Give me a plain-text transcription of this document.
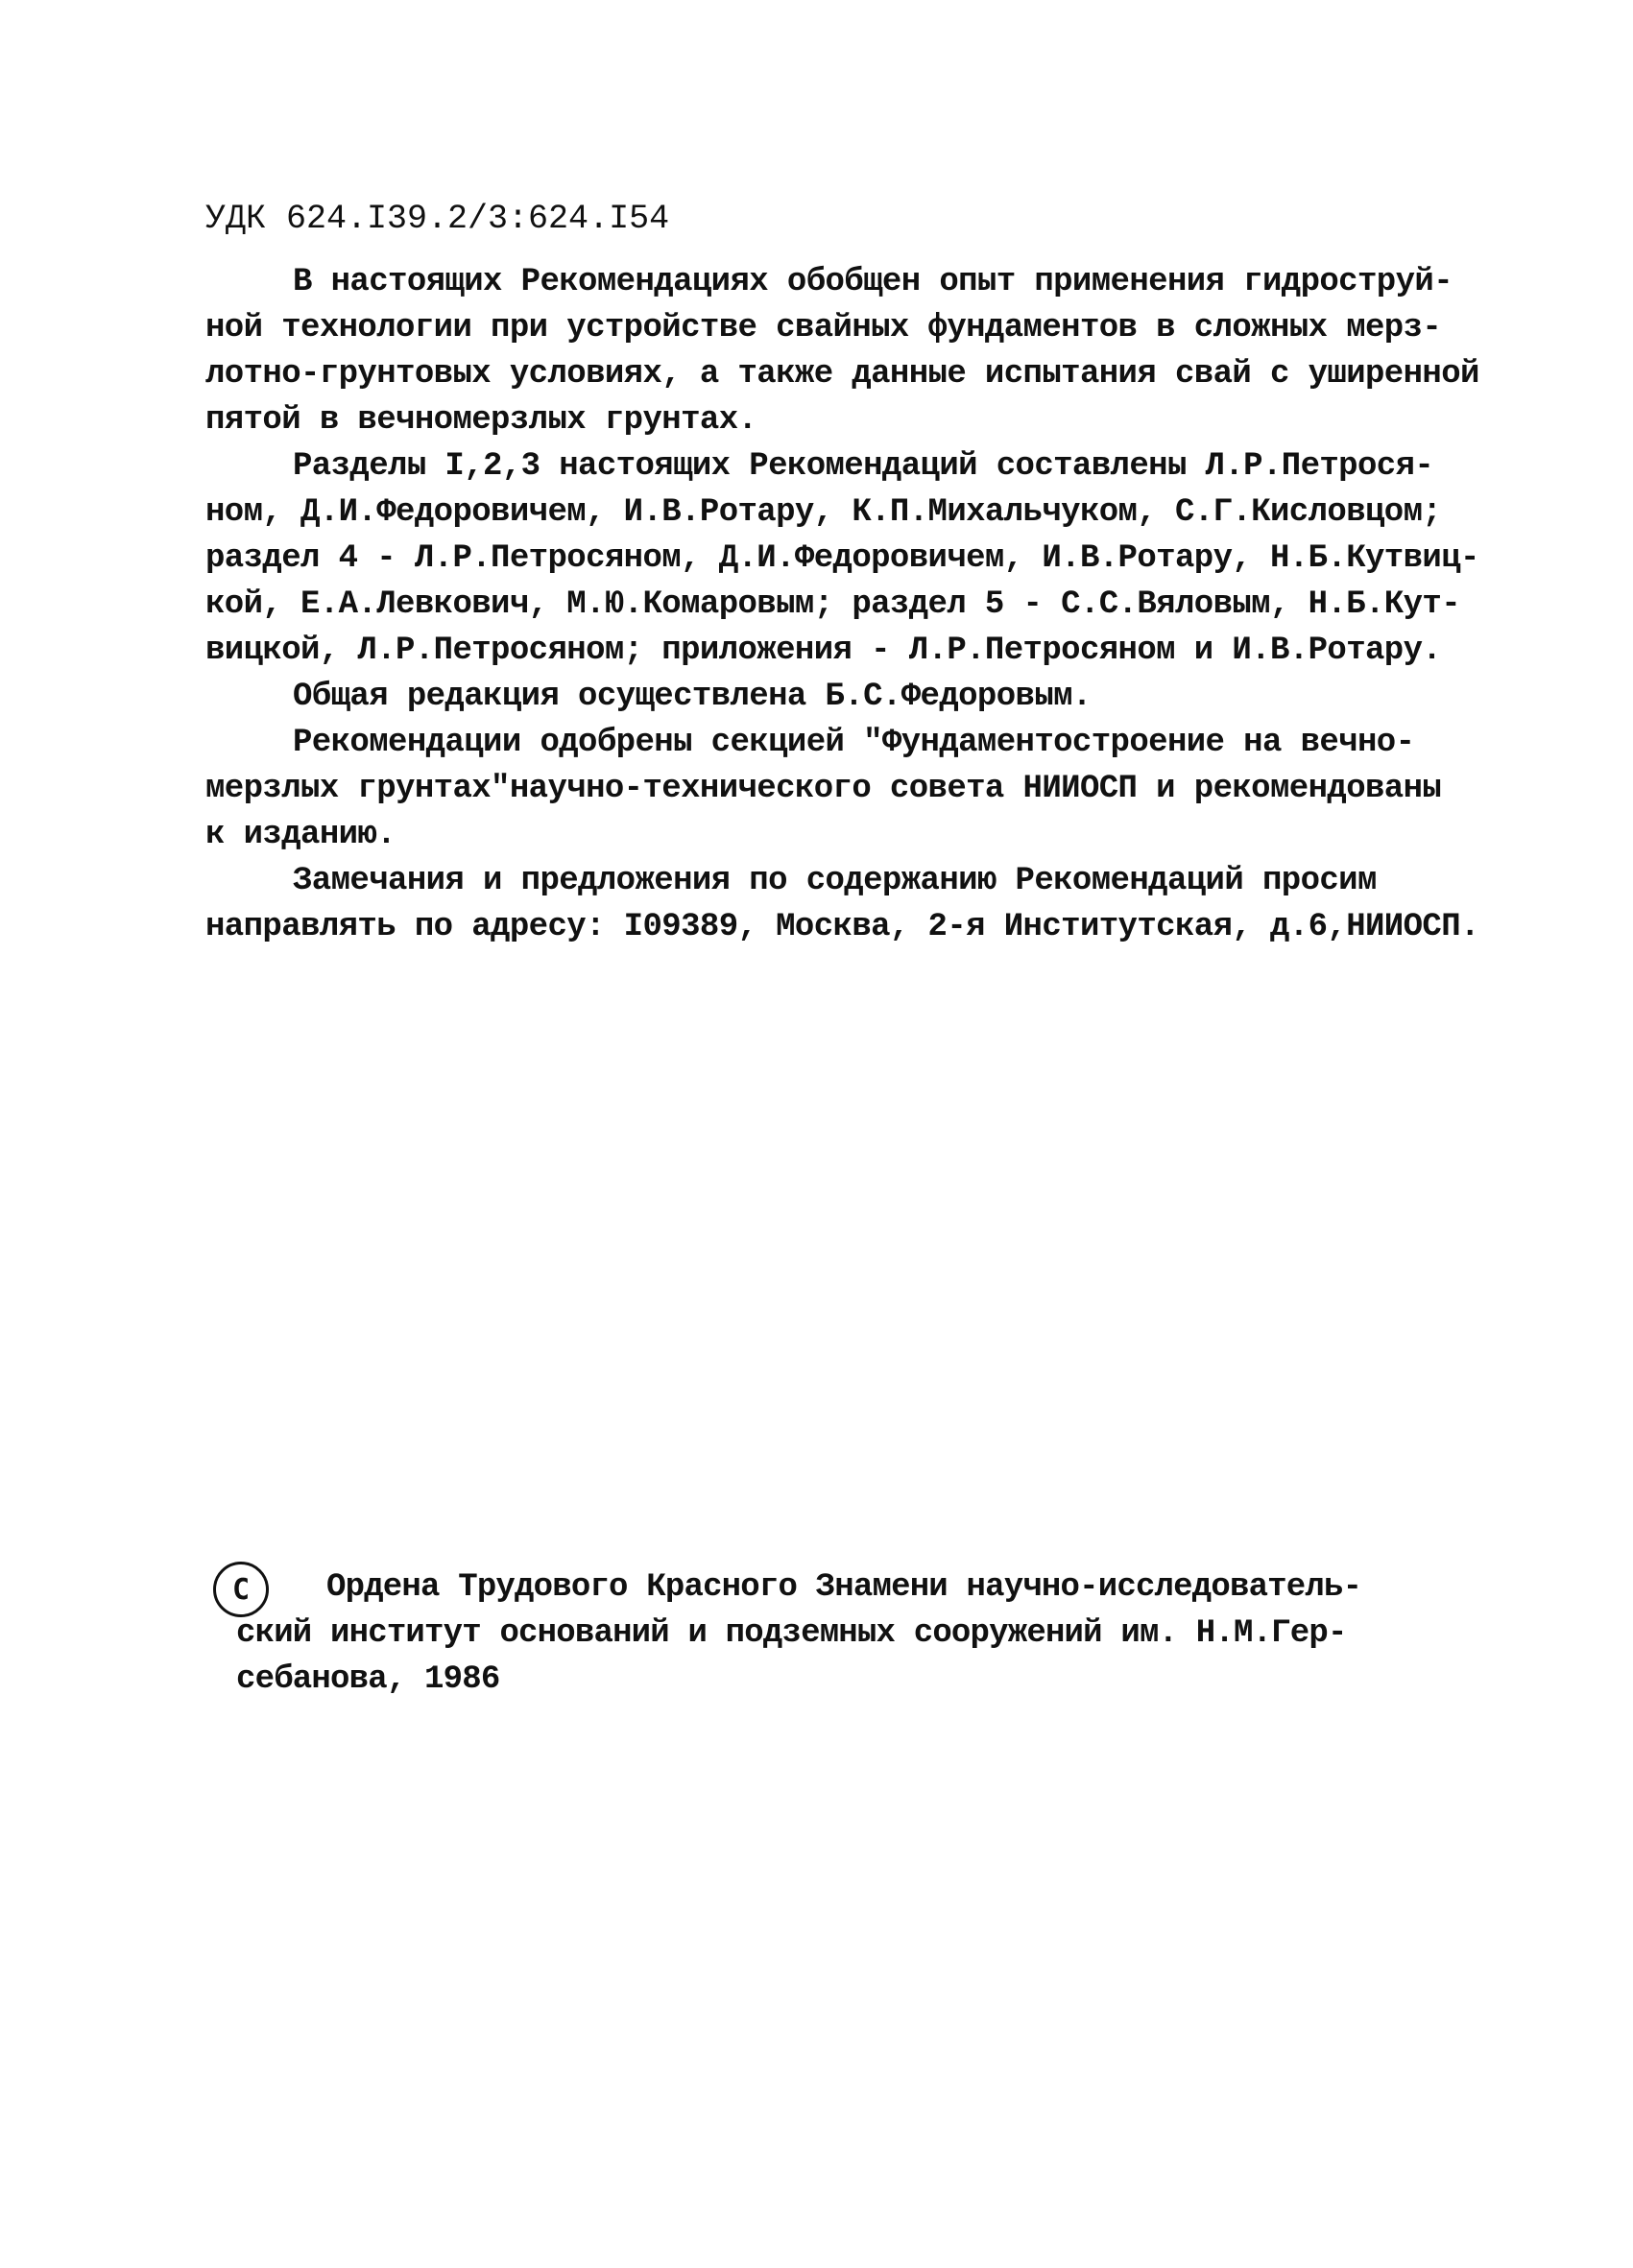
УДК 624.I39.2/3:624.I54
В настоящих Рекомендациях обобщен опыт применения гидроструй-
ной технологии при устройстве свайных фундаментов в сложных мерз-
лотно-грунтовых условиях, а также данные испытания свай с уширенной
пятой в вечномерзлых грунтах.
Разделы I,2,3 настоящих Рекомендаций составлены Л.Р.Петрося-
ном, Д.И.Федоровичем, И.В.Ротару, К.П.Михальчуком, С.Г.Кисловцом;
раздел 4 - Л.Р.Петросяном, Д.И.Федоровичем, И.В.Ротару, Н.Б.Кутвиц-
кой, Е.А.Левкович, М.Ю.Комаровым; раздел 5 - С.С.Вяловым, Н.Б.Кут-
вицкой, Л.Р.Петросяном; приложения - Л.Р.Петросяном и И.В.Ротару.
Общая редакция осуществлена Б.С.Федоровым.
Рекомендации одобрены секцией "Фундаментостроение на вечно-
мерзлых грунтах"научно-технического совета НИИОСП и рекомендованы
к изданию.
Замечания и предложения по содержанию Рекомендаций просим
направлять по адресу: I09389, Москва, 2-я Институтская, д.6,НИИОСП.
С	Ордена Трудового Красного Знамени научно-исследователь-
ский институт оснований и подземных сооружений им. Н.М.Гер-
себанова, 1986
